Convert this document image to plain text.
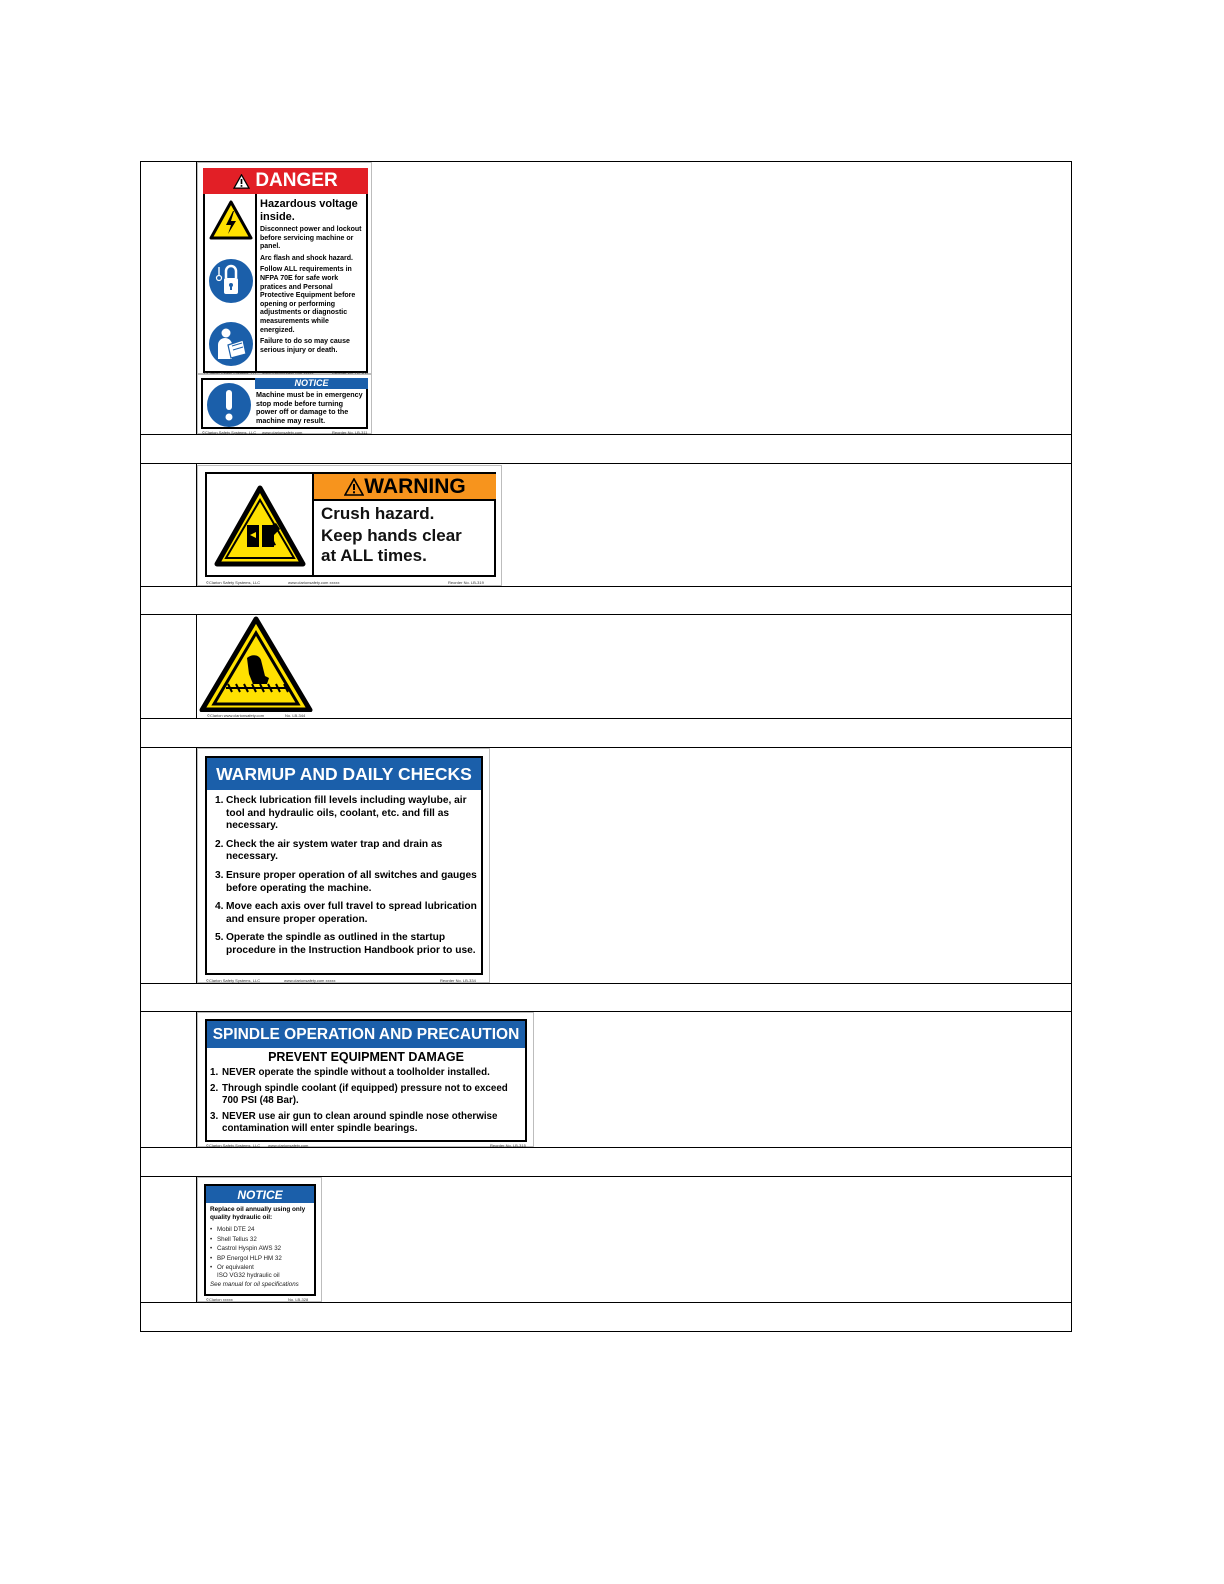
DANGER
Hazardous voltage inside.
Disconnect power and lockout before servicing machine or panel.
Arc flash and shock hazard.
Follow ALL requirements in NFPA 70E for safe work pratices and Personal Protective Equipment before opening or performing adjustments or diagnostic measurements while energized.
Failure to do so may cause serious injury or death.
NOTICE
Machine must be in emergency stop mode before turning power off or damage to the machine may result.
©Clarion Safety Systems, LLC www.clarionsafety.com	Reorder No. LB-311
WARNING
Crush hazard.
Keep hands clear
at ALL times.
©Clarion Safety Systems, LLC	www.clarionsafety.com xxxxx	Reorder No. LB-319
©Clarion www.clarionsafety.com	No. LB-344
WARMUP AND DAILY CHECKS
1. Check lubrication fill levels including waylube, air tool and hydraulic oils, coolant, etc. and fill as necessary.
2. Check the air system water trap and drain as necessary.
3. Ensure proper operation of all switches and gauges before operating the machine.
4. Move each axis over full travel to spread lubrication and ensure proper operation.
5. Operate the spindle as outlined in the startup procedure in the Instruction Handbook prior to use.
©Clarion Safety Systems, LLC	www.clarionsafety.com xxxxx	Reorder No. LB-334
SPINDLE OPERATION AND PRECAUTION
PREVENT EQUIPMENT DAMAGE
1. NEVER operate the spindle without a toolholder installed.
2. Through spindle coolant (if equipped) pressure not to exceed 700 PSI (48 Bar).
3. NEVER use air gun to clean around spindle nose otherwise contamination will enter spindle bearings.
©Clarion Safety Systems, LLC www.clarionsafety.com	Reorder No. LB-315
NOTICE
Replace oil annually using only quality hydraulic oil:
• Mobil DTE 24
• Shell Tellus 32
• Castrol Hyspin AWS 32
• BP Energol HLP HM 32
• Or equivalent
ISO VG32 hydraulic oil
See manual for oil specifications
©Clarion xxxxx	No. LB-328
